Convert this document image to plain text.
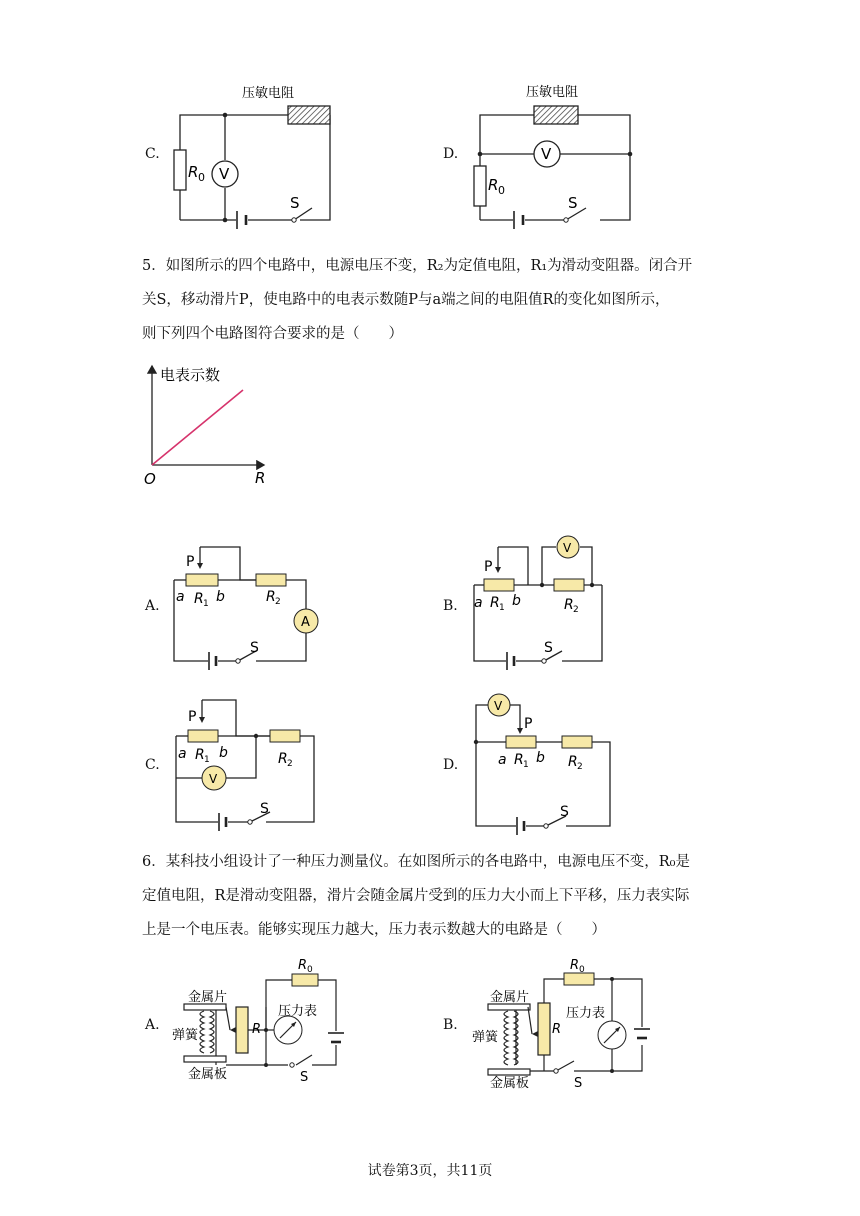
C.
压敏电阻
V
R 0
S
D.
压敏电阻
V
R 0
S
5．如图所示的四个电路中，电源电压不变，R₂为定值电阻，R₁为滑动变阻器。闭合开
关S，移动滑片P，使电路中的电表示数随P与a端之间的电阻值R的变化如图所示，
则下列四个电路图符合要求的是（　　）
电表示数
R
O
A.
P
a R 1 b	R 2
A
S
B.
P
a R 1 b	R 2
V
S
C.
P
a R 1 b	R 2
V
S
D.
P
a R 1 b R 2
V
S
6．某科技小组设计了一种压力测量仪。在如图所示的各电路中，电源电压不变，R₀是
定值电阻，R是滑动变阻器，滑片会随金属片受到的压力大小而上下平移，压力表实际
上是一个电压表。能够实现压力越大，压力表示数越大的电路是（　　）
A.
金属片
弹簧
金属板
R
R 0
压力表
S
B.
金属片
弹簧
金属板
R
R 0
压力表
S
试卷第3页，共11页
